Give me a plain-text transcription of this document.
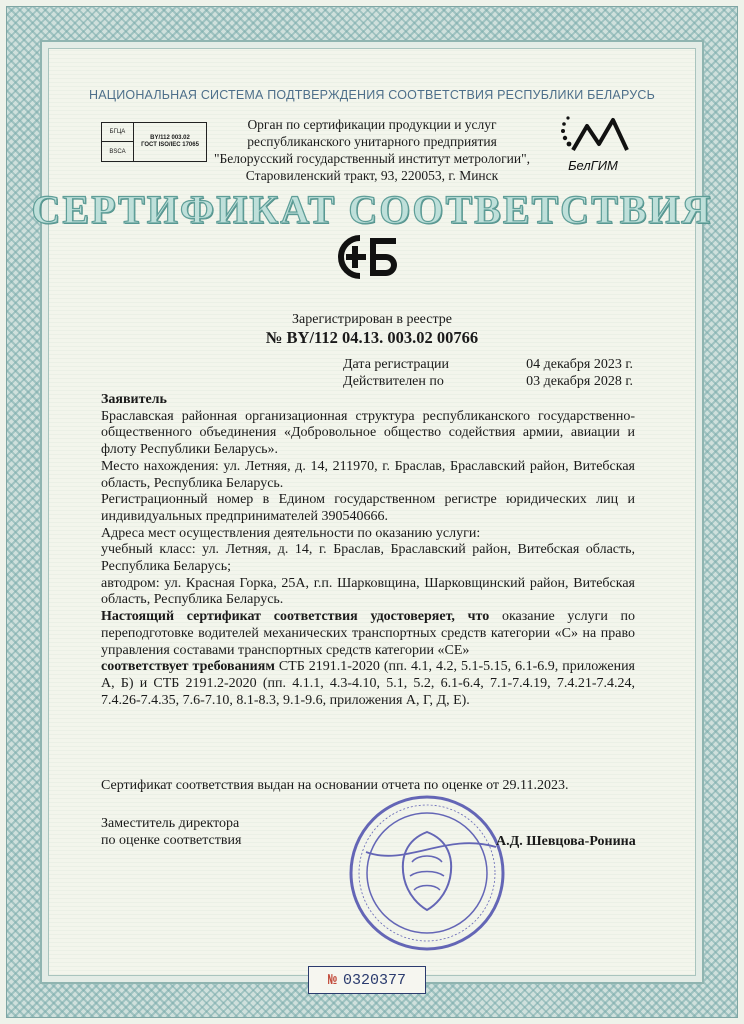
НАЦИОНАЛЬНАЯ СИСТЕМА ПОДТВЕРЖДЕНИЯ СООТВЕТСТВИЯ РЕСПУБЛИКИ БЕЛАРУСЬ
БГЦА
BY/112 003.02
ГОСТ ISO/IEC 17065
BSCA
Орган по сертификации продукции и услуг
республиканского унитарного предприятия
"Белорусский государственный институт метрологии",
Старовиленский тракт, 93, 220053, г. Минск
БелГИМ
СЕРТИФИКАТ СООТВЕТСТВИЯ
Зарегистрирован в реестре
№ BY/112 04.13. 003.02 00766
Дата регистрации	04 декабря 2023 г.
Действителен по	03 декабря 2028 г.

Заявитель

Браславская районная организационная структура республиканского государственно-общественного объединения «Добровольное общество содействия армии, авиации и флоту Республики Беларусь».

Место нахождения: ул. Летняя, д. 14, 211970, г. Браслав, Браславский район, Витебская область, Республика Беларусь.

Регистрационный номер в Едином государственном регистре юридических лиц и индивидуальных предпринимателей 390540666.

Адреса мест осуществления деятельности по оказанию услуги:

учебный класс: ул. Летняя, д. 14, г. Браслав, Браславский район, Витебская область, Республика Беларусь;

автодром: ул. Красная Горка, 25А, г.п. Шарковщина, Шарковщинский район, Витебская область, Республика Беларусь.

Настоящий сертификат соответствия удостоверяет, что оказание услуги по переподготовке водителей механических транспортных средств категории «С» на право управления составами транспортных средств категории «СЕ»

соответствует требованиям СТБ 2191.1-2020 (пп. 4.1, 4.2, 5.1-5.15, 6.1-6.9, приложения А, Б) и СТБ 2191.2-2020 (пп. 4.1.1, 4.3-4.10, 5.1, 5.2, 6.1-6.4, 7.1-7.4.19, 7.4.21-7.4.24, 7.4.26-7.4.35, 7.6-7.10, 8.1-8.3, 9.1-9.6, приложения А, Г, Д, Е).

Сертификат соответствия выдан на основании отчета по оценке от 29.11.2023.
Заместитель директора
по оценке соответствия	А.Д. Шевцова-Ронина
№ 0320377
